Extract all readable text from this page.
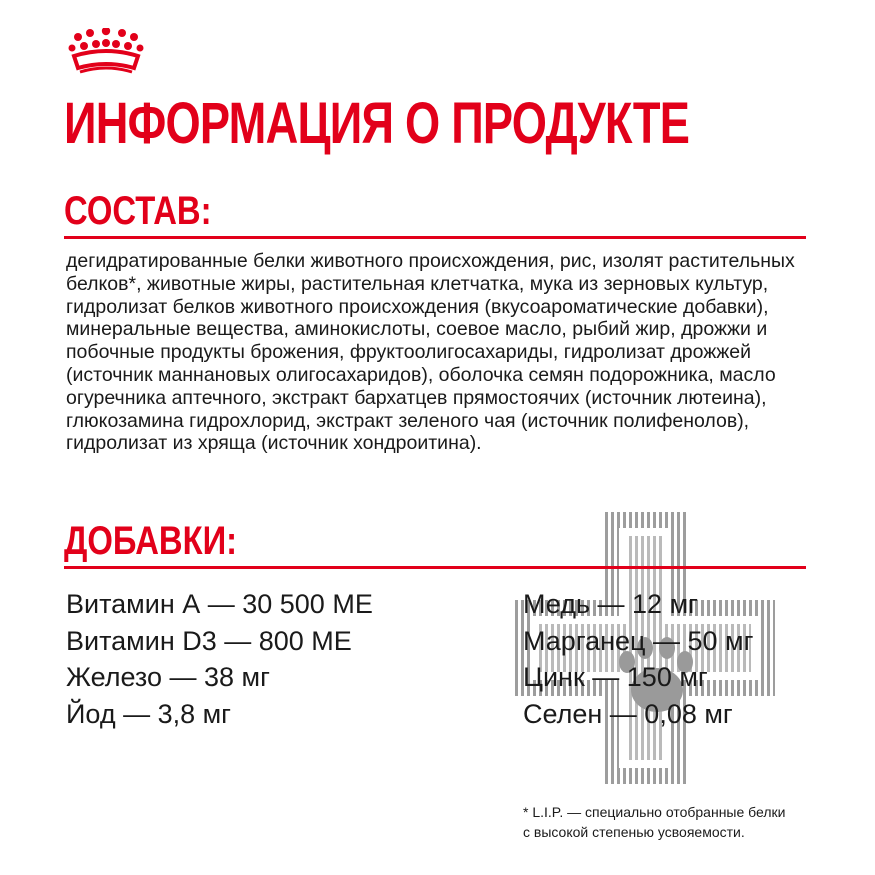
ИНФОРМАЦИЯ О ПРОДУКТЕ
СОСТАВ:

дегидратированные белки животного происхождения, рис, изолят растительных белков*, животные жиры, растительная клетчатка, мука из зерновых культур, гидролизат белков животного происхождения (вкусоароматические добавки), минеральные вещества, аминокислоты, соевое масло, рыбий жир, дрожжи и побочные продукты брожения, фруктоолигосахариды, гидролизат дрожжей (источник маннановых олигосахаридов), оболочка семян подорожника, масло огуречника аптечного, экстракт бархатцев прямостоячих (источник лютеина), глюкозамина гидрохлорид, экстракт зеленого чая (источник полифенолов), гидролизат из хряща (источник хондроитина).

ДОБАВКИ:
Витамин А — 30 500 МЕ
Витамин D3 — 800 МЕ
Железо — 38 мг
Йод — 3,8 мг
Медь — 12 мг
Марганец — 50 мг
Цинк — 150 мг
Селен — 0,08 мг

* L.I.P. — специально отобранные белки
с высокой степенью усвояемости.
